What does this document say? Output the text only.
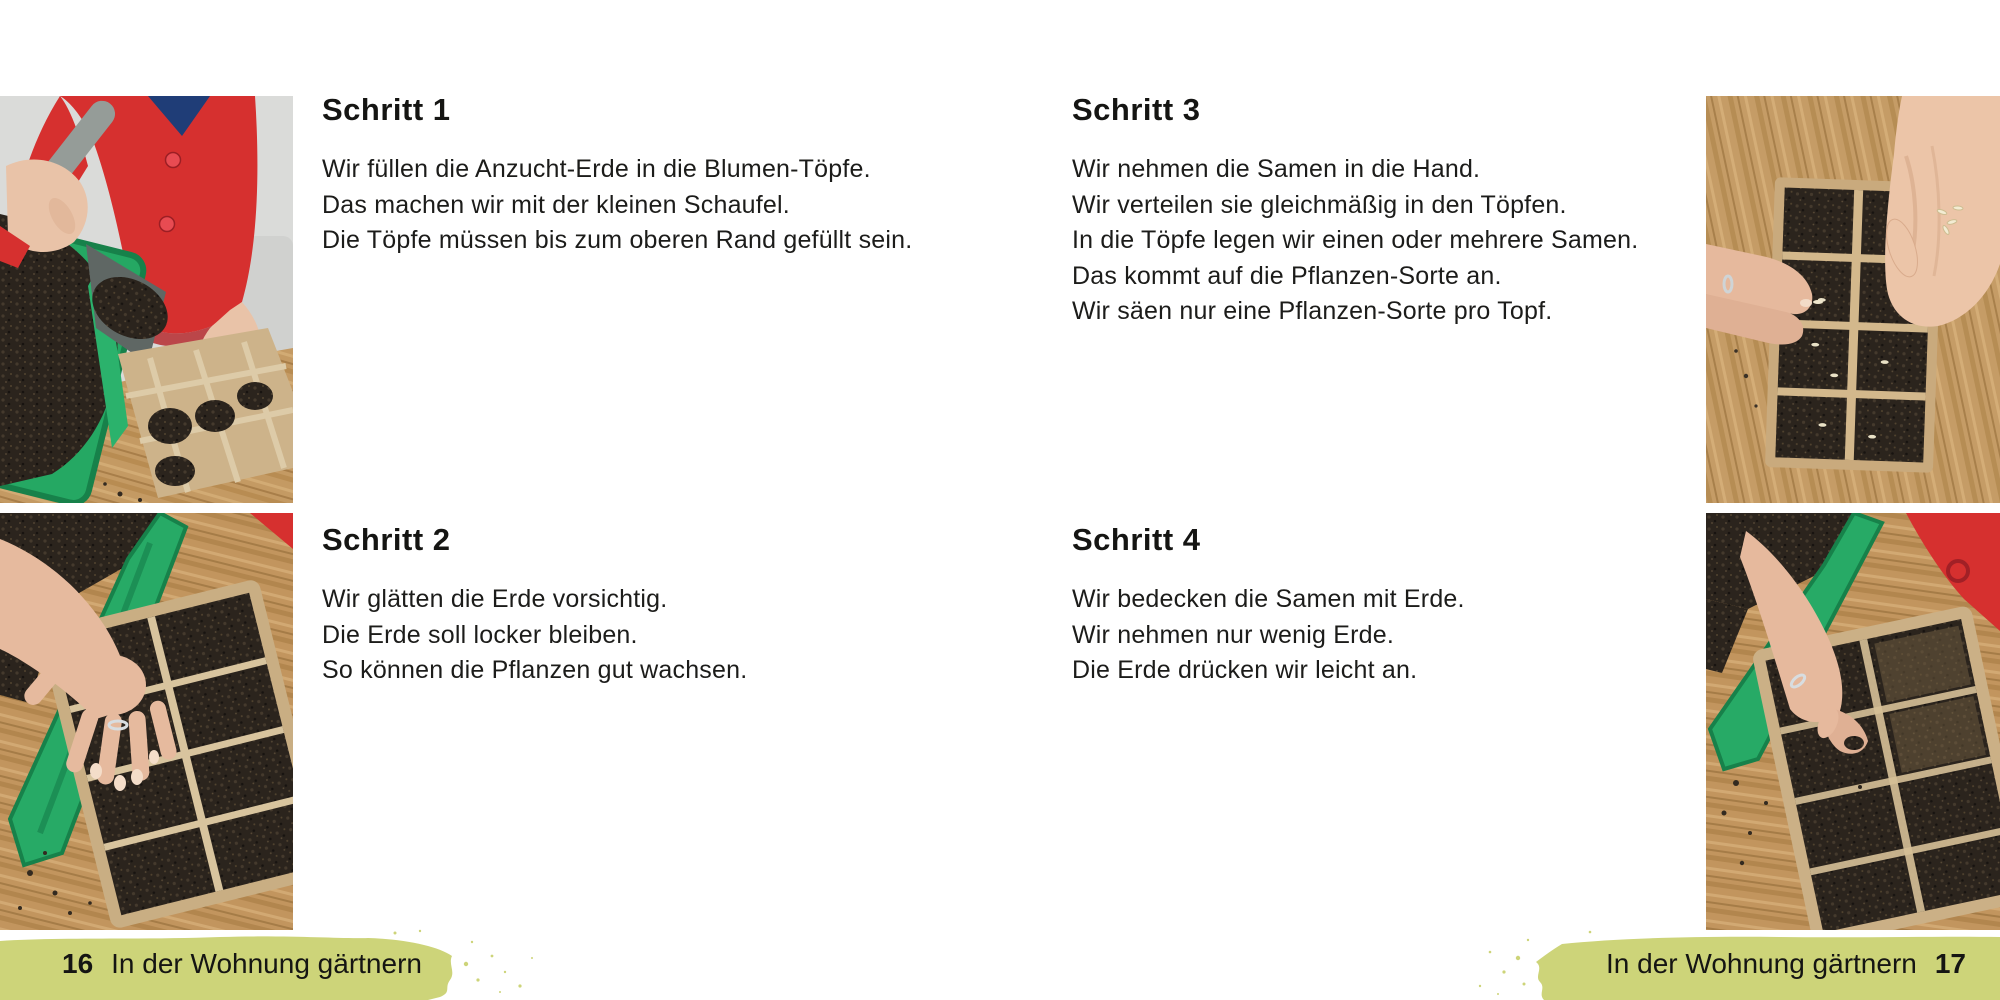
Schritt 1
Wir füllen die Anzucht-Erde in die Blumen-Töpfe.
Das machen wir mit der kleinen Schaufel.
Die Töpfe müssen bis zum oberen Rand gefüllt sein.
Schritt 2
Wir glätten die Erde vorsichtig.
Die Erde soll locker bleiben.
So können die Pflanzen gut wachsen.
Schritt 3
Wir nehmen die Samen in die Hand.
Wir verteilen sie gleichmäßig in den Töpfen.
In die Töpfe legen wir einen oder mehrere Samen.
Das kommt auf die Pflanzen-Sorte an.
Wir säen nur eine Pflanzen-Sorte pro Topf.
Schritt 4
Wir bedecken die Samen mit Erde.
Wir nehmen nur wenig Erde.
Die Erde drücken wir leicht an.
16 In der Wohnung gärtnern	In der Wohnung gärtnern 17
